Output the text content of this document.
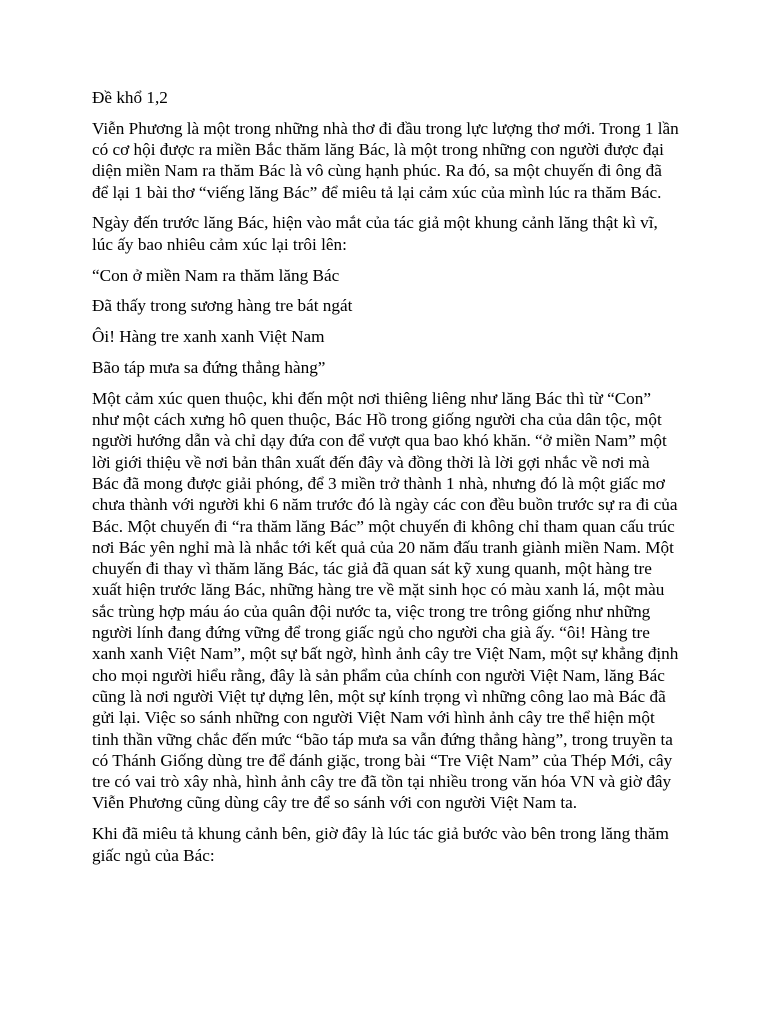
Đề khổ 1,2

Viễn Phương là một trong những nhà thơ đi đầu trong lực lượng thơ mới. Trong 1 lần có cơ hội được ra miền Bắc thăm lăng Bác, là một trong những con người được đại diện miền Nam ra thăm Bác là vô cùng hạnh phúc. Ra đó, sa một chuyến đi ông đã để lại 1 bài thơ “viếng lăng Bác” để miêu tả lại cảm xúc của mình lúc ra thăm Bác.

Ngày đến trước lăng Bác, hiện vào mắt của tác giả một khung cảnh lăng thật kì vĩ, lúc ấy bao nhiêu cảm xúc lại trôi lên:

“Con ở miền Nam ra thăm lăng Bác

Đã thấy trong sương hàng tre bát ngát

Ôi! Hàng tre xanh xanh Việt Nam

Bão táp mưa sa đứng thẳng hàng”

Một cảm xúc quen thuộc, khi đến một nơi thiêng liêng như lăng Bác thì từ “Con” như một cách xưng hô quen thuộc, Bác Hồ trong giống người cha của dân tộc, một người hướng dẫn và chỉ dạy đứa con để vượt qua bao khó khăn. “ở miền Nam” một lời giới thiệu về nơi bản thân xuất đến đây và đồng thời là lời gợi nhắc về nơi mà Bác đã mong được giải phóng, để 3 miền trở thành 1 nhà, nhưng đó là một giấc mơ chưa thành với người khi 6 năm trước đó là ngày các con đều buồn trước sự ra đi của Bác. Một chuyến đi “ra thăm lăng Bác” một chuyến đi không chỉ tham quan cấu trúc nơi Bác yên nghỉ mà là nhắc tới kết quả của 20 năm đấu tranh giành miền Nam. Một chuyến đi thay vì thăm lăng Bác, tác giả đã quan sát kỹ xung quanh, một hàng tre xuất hiện trước lăng Bác, những hàng tre về mặt sinh học có màu xanh lá, một màu sắc trùng hợp máu áo của quân đội nước ta, việc trong tre trông giống như những người lính đang đứng vững để trong giấc ngủ cho người cha già ấy. “ôi! Hàng tre xanh xanh Việt Nam”, một sự bất ngờ, hình ảnh cây tre Việt Nam, một sự khẳng định cho mọi người hiểu rằng, đây là sản phẩm của chính con người Việt Nam, lăng Bác cũng là nơi người Việt tự dựng lên, một sự kính trọng vì những công lao mà Bác đã gửi lại. Việc so sánh những con người Việt Nam với hình ảnh cây tre thể hiện một tinh thần vững chắc đến mức “bão táp mưa sa vẫn đứng thẳng hàng”, trong truyền ta có Thánh Giống dùng tre để đánh giặc, trong bài “Tre Việt Nam” của Thép Mới, cây tre có vai trò xây nhà, hình ảnh cây tre đã tồn tại nhiều trong văn hóa VN và giờ đây Viễn Phương cũng dùng cây tre để so sánh với con người Việt Nam ta.

Khi đã miêu tả khung cảnh bên, giờ đây là lúc tác giả bước vào bên trong lăng thăm giấc ngủ của Bác:
